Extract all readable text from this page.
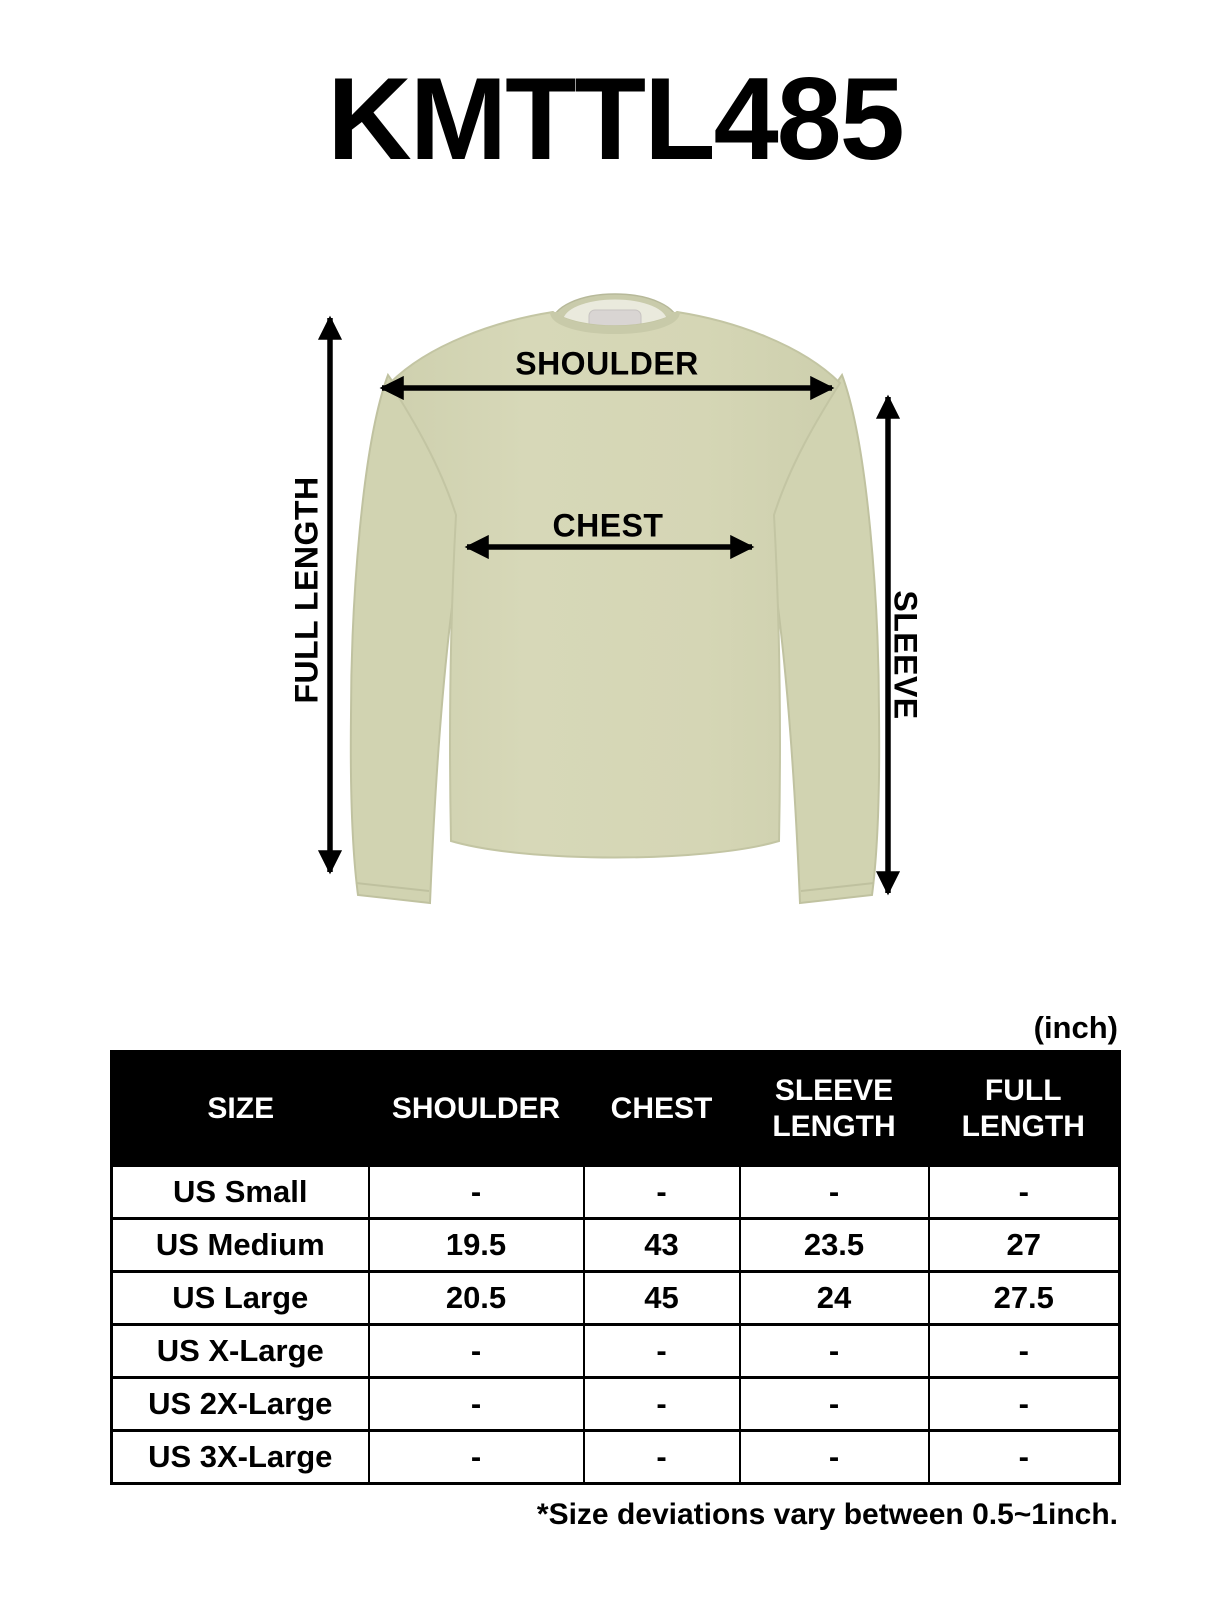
KMTTL485
SHOULDER
CHEST
FULL LENGTH	SLEEVE
(inch)
SIZE	SHOULDER	CHEST	SLEEVE LENGTH	FULL LENGTH
US Small	-	-	-	-
US Medium	19.5	43	23.5	27
US Large	20.5	45	24	27.5
US X-Large	-	-	-	-
US 2X-Large	-	-	-	-
US 3X-Large	-	-	-	-

*Size deviations vary between 0.5~1inch.
